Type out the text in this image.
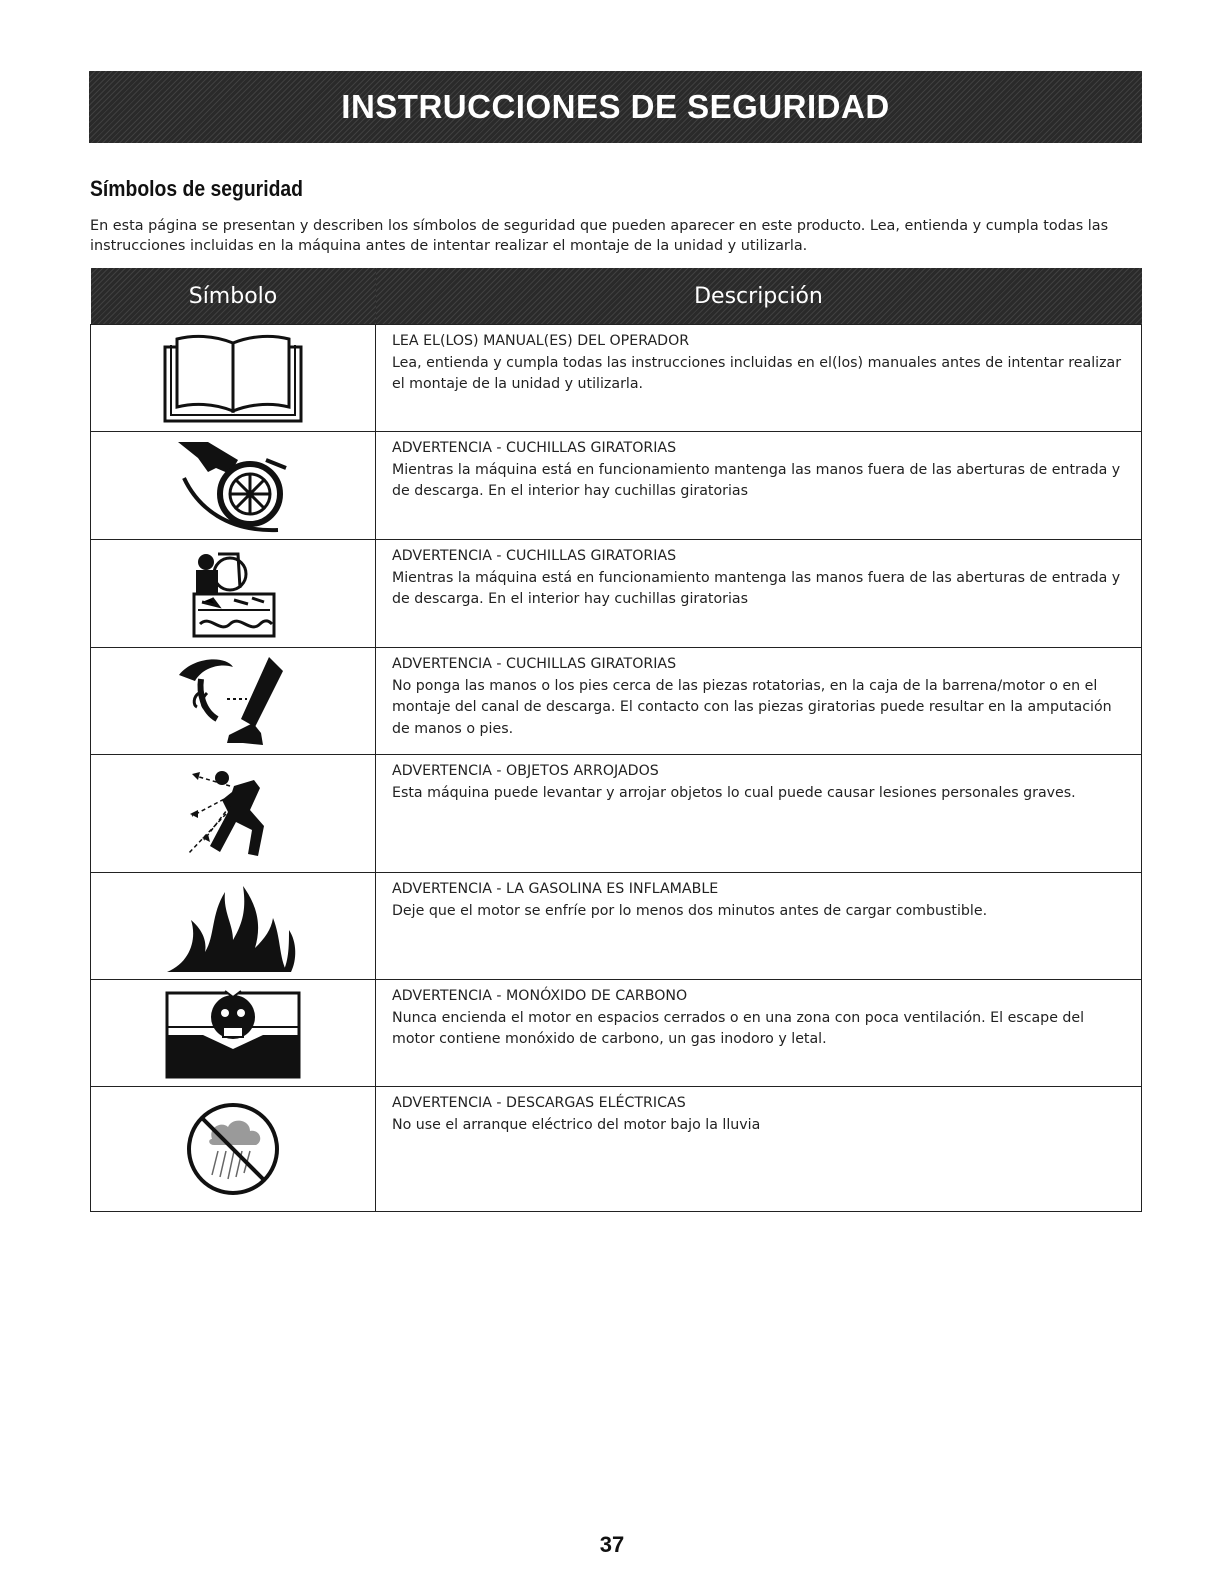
INSTRUCCIONES DE SEGURIDAD
Símbolos de seguridad
En esta página se presentan y describen los símbolos de seguridad que pueden aparecer en este producto. Lea, entienda y cumpla todas las instrucciones incluidas en la máquina antes de intentar realizar el montaje de la unidad y utilizarla.
Símbolo	Descripción

LEA EL(LOS) MANUAL(ES) DEL OPERADOR
Lea, entienda y cumpla todas las instrucciones incluidas en el(los) manuales antes de intentar realizar el montaje de la unidad y utilizarla.

ADVERTENCIA - CUCHILLAS GIRATORIAS
Mientras la máquina está en funcionamiento mantenga las manos fuera de las aberturas de entrada y de descarga. En el interior hay cuchillas giratorias

ADVERTENCIA - CUCHILLAS GIRATORIAS
Mientras la máquina está en funcionamiento mantenga las manos fuera de las aberturas de entrada y de descarga. En el interior hay cuchillas giratorias

ADVERTENCIA - CUCHILLAS GIRATORIAS
No ponga las manos o los pies cerca de las piezas rotatorias, en la caja de la barrena/motor o en el montaje del canal de descarga. El contacto con las piezas giratorias puede resultar en la amputación de manos o pies.

ADVERTENCIA - OBJETOS ARROJADOS
Esta máquina puede levantar y arrojar objetos lo cual puede causar lesiones personales graves.

ADVERTENCIA - LA GASOLINA ES INFLAMABLE
Deje que el motor se enfríe por lo menos dos minutos antes de cargar combustible.

ADVERTENCIA - MONÓXIDO DE CARBONO
Nunca encienda el motor en espacios cerrados o en una zona con poca ventilación. El escape del motor contiene monóxido de carbono, un gas inodoro y letal.

ADVERTENCIA - DESCARGAS ELÉCTRICAS
No use el arranque eléctrico del motor bajo la lluvia
37
